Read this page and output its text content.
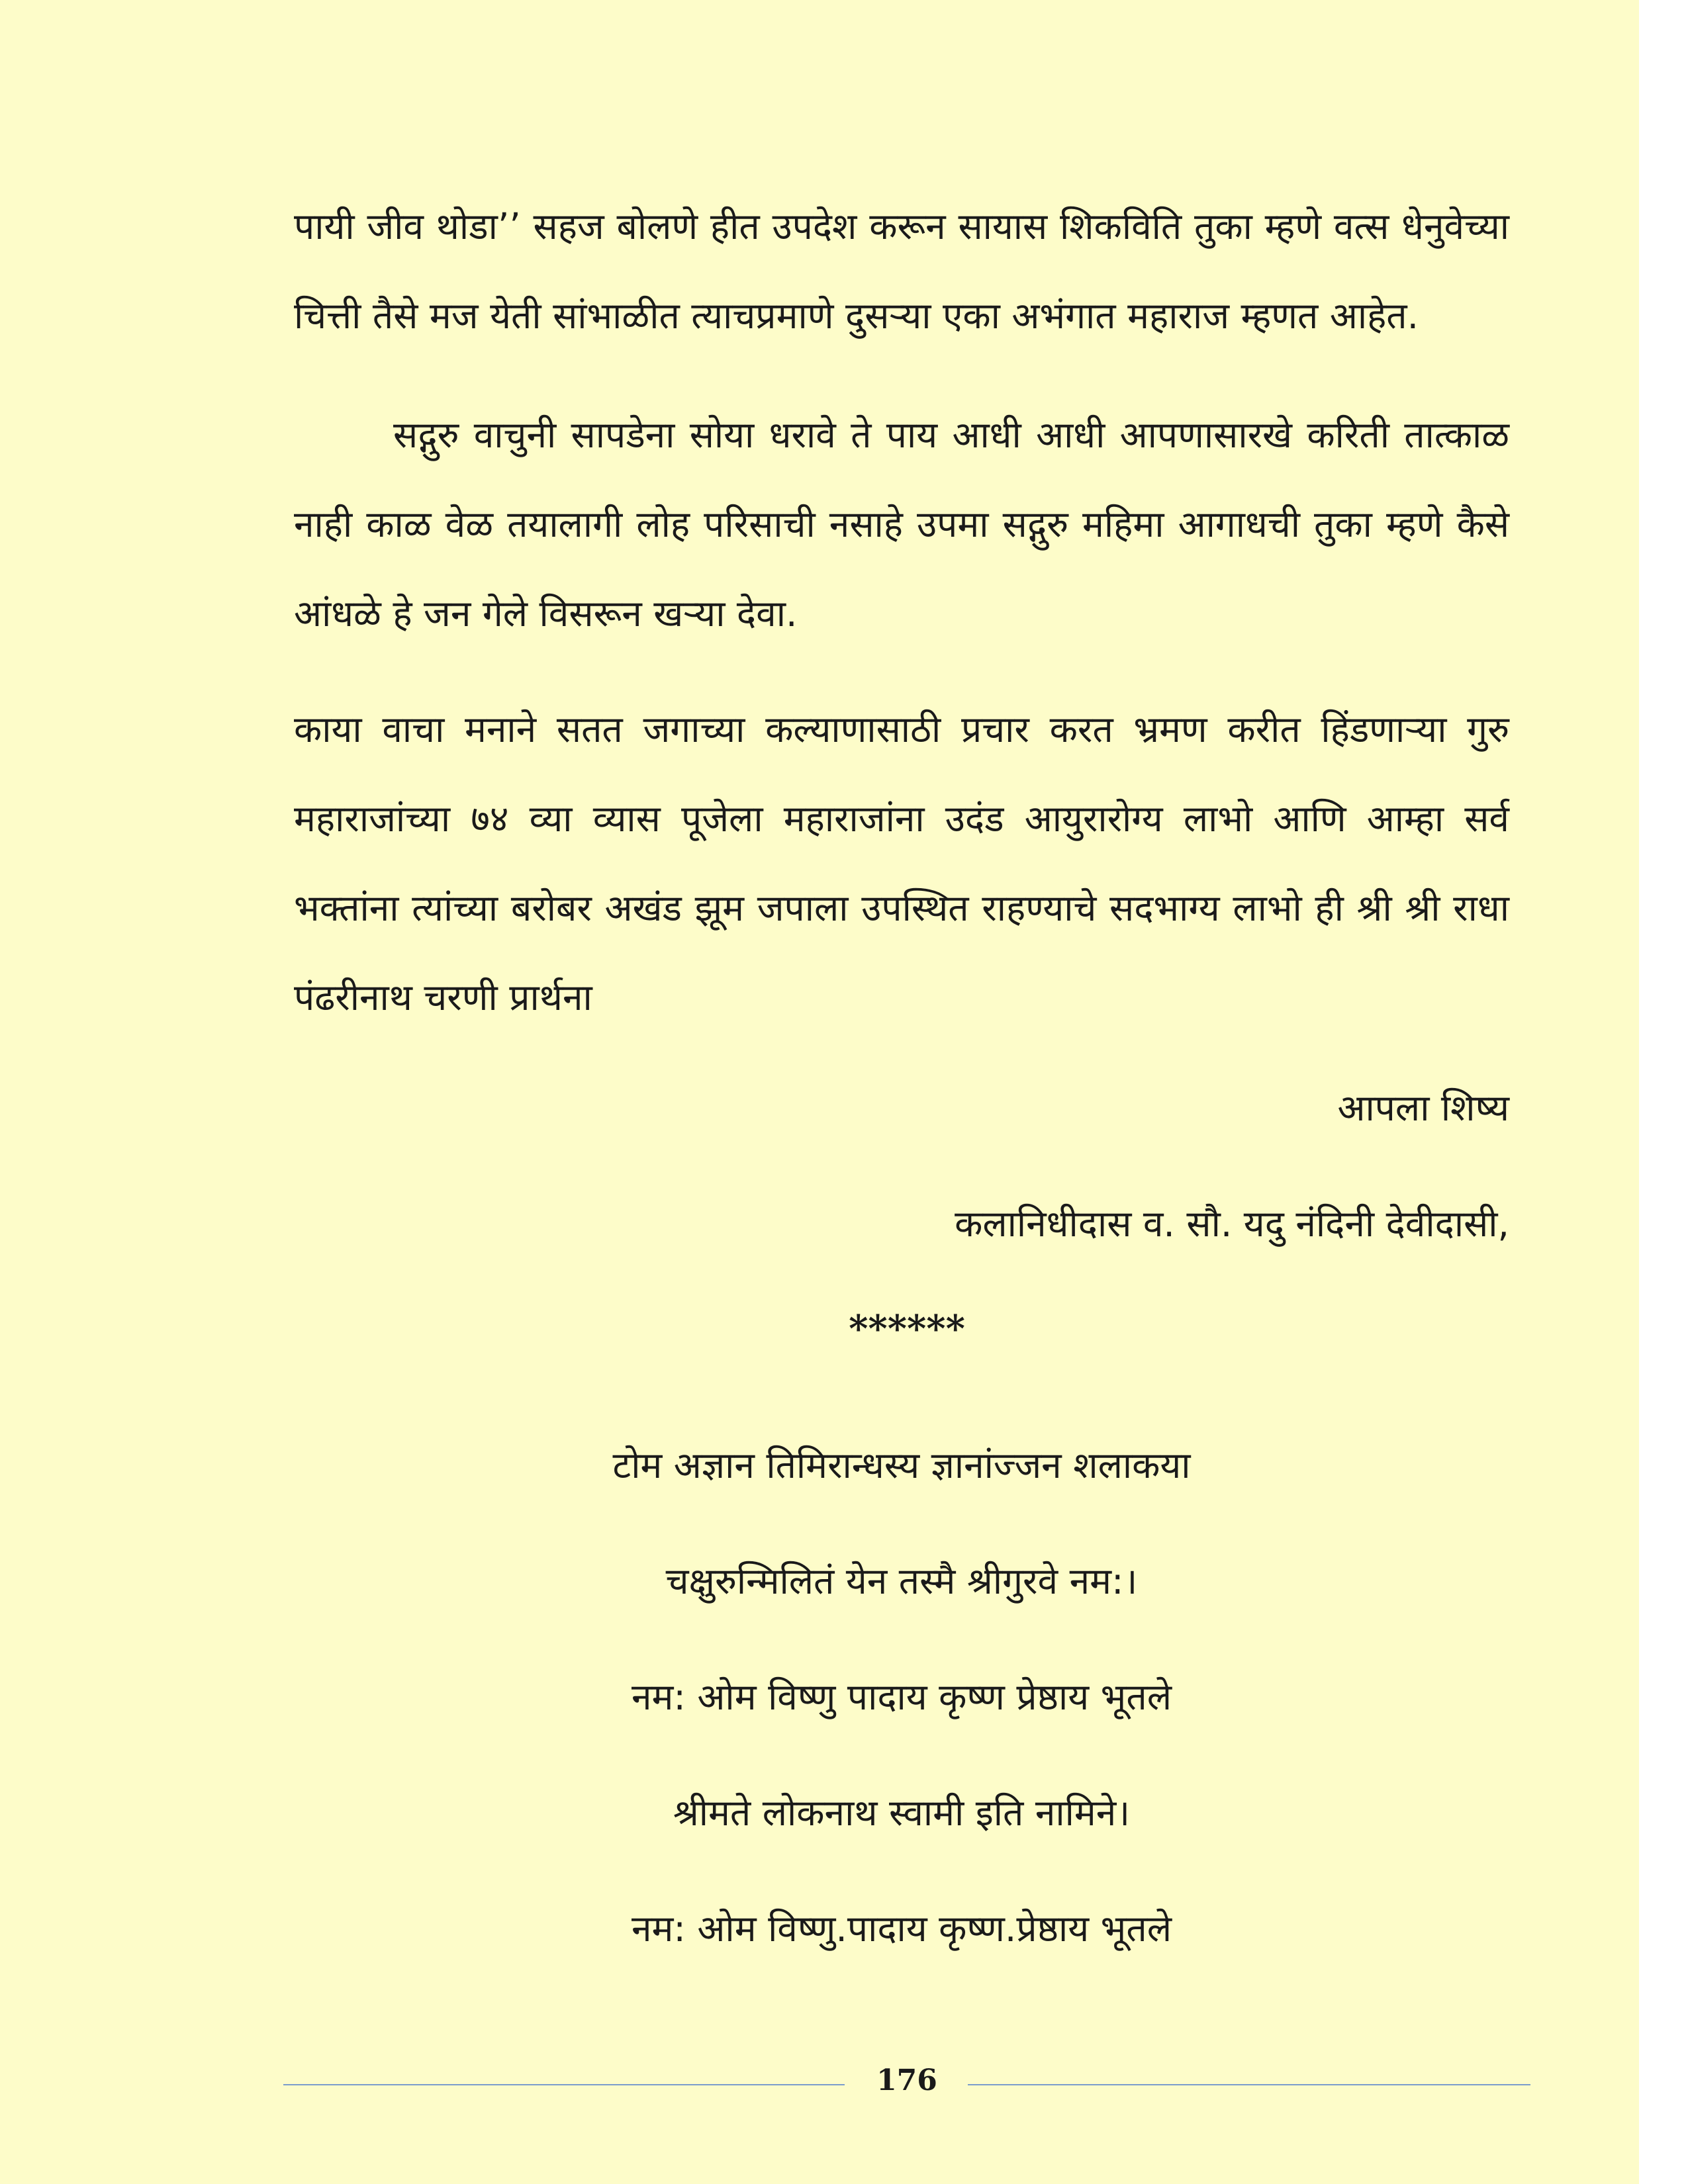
पायी जीव थोडा’’ सहज बोलणे हीत उपदेश करून सायास शिकविति तुका म्हणे वत्स धेनुवेच्या चित्ती तैसे मज येती सांभाळीत त्याचप्रमाणे दुसऱ्या एका अभंगात महाराज म्हणत आहेत.

सद्गुरु वाचुनी सापडेना सोया धरावे ते पाय आधी आधी आपणासारखे करिती तात्काळ नाही काळ वेळ तयालागी लोह परिसाची नसाहे उपमा सद्गुरु महिमा आगाधची तुका म्हणे कैसे आंधळे हे जन गेले विसरून खऱ्या देवा.

काया वाचा मनाने सतत जगाच्या कल्याणासाठी प्रचार करत भ्रमण करीत हिंडणाऱ्या गुरु महाराजांच्या ७४ व्या व्यास पूजेला महाराजांना उदंड आयुरारोग्य लाभो आणि आम्हा सर्व भक्तांना त्यांच्या बरोबर अखंड झूम जपाला उपस्थित राहण्याचे सदभाग्य लाभो ही श्री श्री राधा पंढरीनाथ चरणी प्रार्थना

आपला शिष्य

कलानिधीदास व. सौ. यदु नंदिनी देवीदासी,

******

टोम अज्ञान तिमिरान्धस्य ज्ञानांज्जन शलाकया

चक्षुरुन्मिलितं येन तस्मै श्रीगुरवे नम:।

नम: ओम विष्णु पादाय कृष्ण प्रेष्ठाय भूतले

श्रीमते लोकनाथ स्वामी इति नामिने।

नम: ओम विष्णु.पादाय कृष्ण.प्रेष्ठाय भूतले

176
